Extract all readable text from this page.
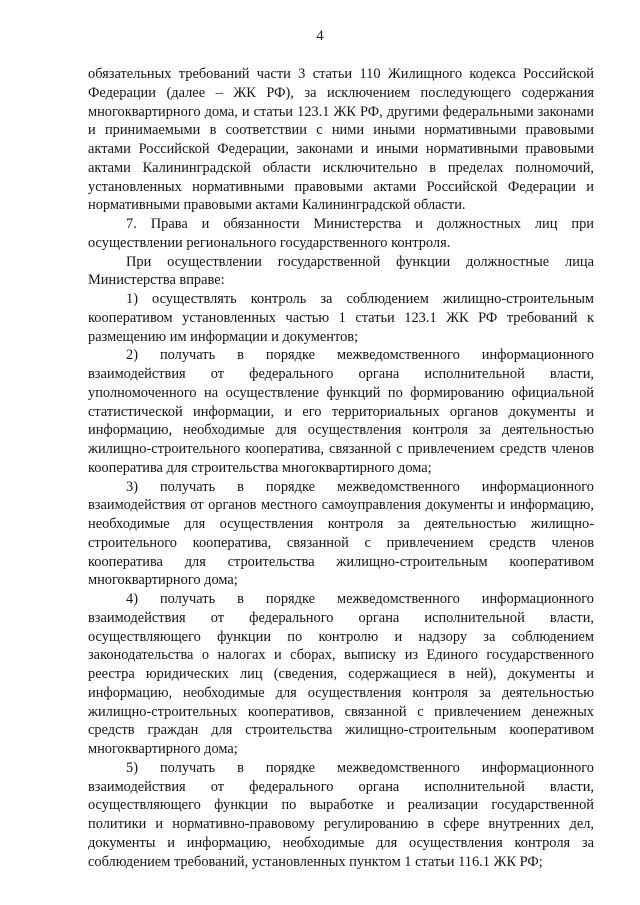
4

обязательных требований части 3 статьи 110 Жилищного кодекса Российской Федерации (далее – ЖК РФ), за исключением последующего содержания многоквартирного дома, и статьи 123.1 ЖК РФ, другими федеральными законами и принимаемыми в соответствии с ними иными нормативными правовыми актами Российской Федерации, законами и иными нормативными правовыми актами Калининградской области исключительно в пределах полномочий, установленных нормативными правовыми актами Российской Федерации и нормативными правовыми актами Калининградской области.

7. Права и обязанности Министерства и должностных лиц при осуществлении регионального государственного контроля.

При осуществлении государственной функции должностные лица Министерства вправе:

1) осуществлять контроль за соблюдением жилищно-строительным кооперативом установленных частью 1 статьи 123.1 ЖК РФ требований к размещению им информации и документов;

2) получать в порядке межведомственного информационного взаимодействия от федерального органа исполнительной власти, уполномоченного на осуществление функций по формированию официальной статистической информации, и его территориальных органов документы и информацию, необходимые для осуществления контроля за деятельностью жилищно-строительного кооператива, связанной с привлечением средств членов кооператива для строительства многоквартирного дома;

3) получать в порядке межведомственного информационного взаимодействия от органов местного самоуправления документы и информацию, необходимые для осуществления контроля за деятельностью жилищно-строительного кооператива, связанной с привлечением средств членов кооператива для строительства жилищно-строительным кооперативом многоквартирного дома;

4) получать в порядке межведомственного информационного взаимодействия от федерального органа исполнительной власти, осуществляющего функции по контролю и надзору за соблюдением законодательства о налогах и сборах, выписку из Единого государственного реестра юридических лиц (сведения, содержащиеся в ней), документы и информацию, необходимые для осуществления контроля за деятельностью жилищно-строительных кооперативов, связанной с привлечением денежных средств граждан для строительства жилищно-строительным кооперативом многоквартирного дома;

5) получать в порядке межведомственного информационного взаимодействия от федерального органа исполнительной власти, осуществляющего функции по выработке и реализации государственной политики и нормативно-правовому регулированию в сфере внутренних дел, документы и информацию, необходимые для осуществления контроля за соблюдением требований, установленных пунктом 1 статьи 116.1 ЖК РФ;
